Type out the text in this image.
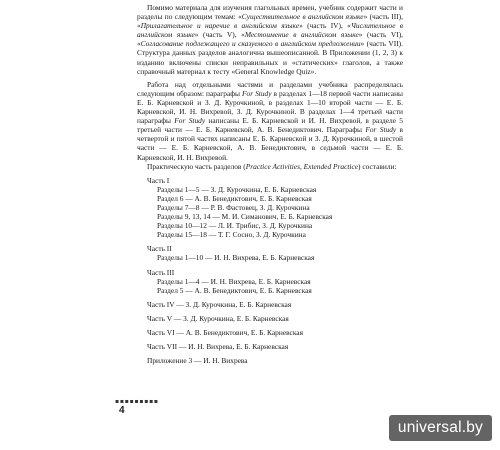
Помимо материала для изучения глагольных времен, учебник содержит части и разделы по следующим темам: «Существительное в английском языке» (часть III), «Прилагательное и наречие в английском языке» (часть IV), «Числительное в английском языке» (часть V), «Местоимение в английском языке» (часть VI), «Согласование подлежащего и сказуемого в английском предложении» (часть VII). Структура данных разделов аналогична вышеописанной. В Приложении (1, 2, 3) к изданию включены списки неправильных и «статических» глаголов, а также справочный материал к тесту «General Knowledge Quiz».

Работа над отдельными частями и разделами учебника распределялась следующим образом: параграфы For Study в разделах 1—18 первой части написаны Е. Б. Карневской и З. Д. Курочкиной, в разделах 1—10 второй части — Е. Б. Карневской, И. Н. Вихревой, З. Д. Курочкиной. В разделах 1—4 третьей части параграфы For Study написаны Е. Б. Карневской и И. Н. Вихревой, в разделе 5 третьей части — Е. Б. Карневской, А. В. Бенедиктович. Параграфы For Study в четвертой и пятой частях написаны Е. Б. Карневской и З. Д. Курочкиной, в шестой части — Е. Б. Карневской, А. В. Бенедиктович, в седьмой части — Е. Б. Карневской, И. Н. Вихревой.

Практическую часть разделов (Practice Activities, Extended Practice) составили:

Часть I

Разделы 1—5 — З. Д. Курочкина, Е. Б. Карневская

Раздел 6 — А. В. Бенедиктович, Е. Б. Карневская

Разделы 7—8 — Р. В. Фастовец, З. Д. Курочкина

Разделы 9, 13, 14 — М. И. Симанович, Е. Б. Карневская

Разделы 10—12 — Л. И. Трибис, З. Д. Курочкина

Разделы 15—18 — Т. Г. Сосно, З. Д. Курочкина

Часть II

Разделы 1—10 — И. Н. Вихрева, Е. Б. Карневская

Часть III

Разделы 1—4 — И. Н. Вихрева, Е. Б. Карневская

Раздел 5 — А. В. Бенедиктович, Е. Б. Карневская

Часть IV — З. Д. Курочкина, Е. Б. Карневская

Часть V — З. Д. Курочкина, Е. Б. Карневская

Часть VI — А. В. Бенедиктович, Е. Б. Карневская

Часть VII — И. Н. Вихрева, Е. Б. Карневская

Приложение 3 — И. Н. Вихрева

▪▪▪▪▪▪▪▪▪
4
universal.by
